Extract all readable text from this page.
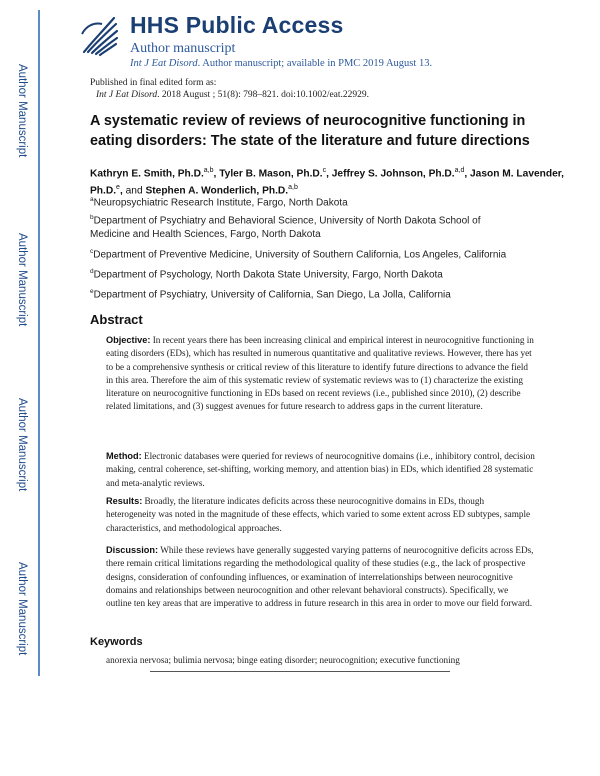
Author Manuscript
Author Manuscript
Author Manuscript
Author Manuscript
HHS Public Access
Author manuscript
Int J Eat Disord. Author manuscript; available in PMC 2019 August 13.
Published in final edited form as:
Int J Eat Disord. 2018 August ; 51(8): 798–821. doi:10.1002/eat.22929.
A systematic review of reviews of neurocognitive functioning in eating disorders: The state of the literature and future directions
Kathryn E. Smith, Ph.D.$^{a,b}$, Tyler B. Mason, Ph.D.$^c$, Jeffrey S. Johnson, Ph.D.$^{a,d}$, Jason M. Lavender, Ph.D.$^e$, and Stephen A. Wonderlich, Ph.D.$^{a,b}$
$^a$Neuropsychiatric Research Institute, Fargo, North Dakota
$^b$Department of Psychiatry and Behavioral Science, University of North Dakota School of Medicine and Health Sciences, Fargo, North Dakota
$^c$Department of Preventive Medicine, University of Southern California, Los Angeles, California
$^d$Department of Psychology, North Dakota State University, Fargo, North Dakota
$^e$Department of Psychiatry, University of California, San Diego, La Jolla, California
Abstract
Objective: In recent years there has been increasing clinical and empirical interest in neurocognitive functioning in eating disorders (EDs), which has resulted in numerous quantitative and qualitative reviews. However, there has yet to be a comprehensive synthesis or critical review of this literature to identify future directions to advance the field in this area. Therefore the aim of this systematic review of systematic reviews was to (1) characterize the existing literature on neurocognitive functioning in EDs based on recent reviews (i.e., published since 2010), (2) describe related limitations, and (3) suggest avenues for future research to address gaps in the current literature.
Method: Electronic databases were queried for reviews of neurocognitive domains (i.e., inhibitory control, decision making, central coherence, set-shifting, working memory, and attention bias) in EDs, which identified 28 systematic and meta-analytic reviews.
Results: Broadly, the literature indicates deficits across these neurocognitive domains in EDs, though heterogeneity was noted in the magnitude of these effects, which varied to some extent across ED subtypes, sample characteristics, and methodological approaches.
Discussion: While these reviews have generally suggested varying patterns of neurocognitive deficits across EDs, there remain critical limitations regarding the methodological quality of these studies (e.g., the lack of prospective designs, consideration of confounding influences, or examination of interrelationships between neurocognitive domains and relationships between neurocognition and other relevant behavioral constructs). Specifically, we outline ten key areas that are imperative to address in future research in this area in order to move our field forward.
Keywords
anorexia nervosa; bulimia nervosa; binge eating disorder; neurocognition; executive functioning
